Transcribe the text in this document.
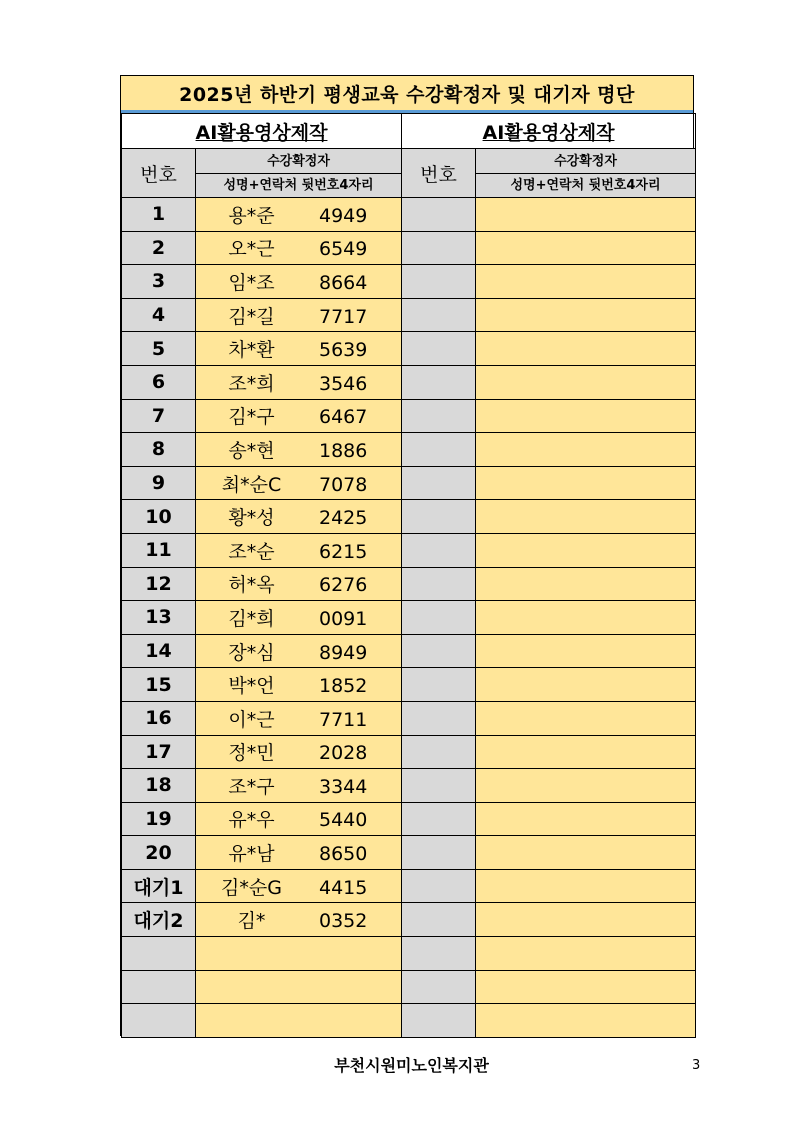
2025년 하반기 평생교육 수강확정자 및 대기자 명단
AI활용영상제작		AI활용영상제작	
번호	수강확정자	번호	수강확정자
	성명+연락처 뒷번호4자리		성명+연락처 뒷번호4자리
1	용*준 4949		
2	오*근 6549		
3	임*조 8664		
4	김*길 7717		
5	차*환 5639		
6	조*희 3546		
7	김*구 6467		
8	송*현 1886		
9	최*순C 7078		
10	황*성 2425		
11	조*순 6215		
12	허*옥 6276		
13	김*희 0091		
14	장*심 8949		
15	박*언 1852		
16	이*근 7711		
17	정*민 2028		
18	조*구 3344		
19	유*우 5440		
20	유*남 8650		
대기1	김*순G 4415		
대기2	김* 0352		

부천시원미노인복지관	3
